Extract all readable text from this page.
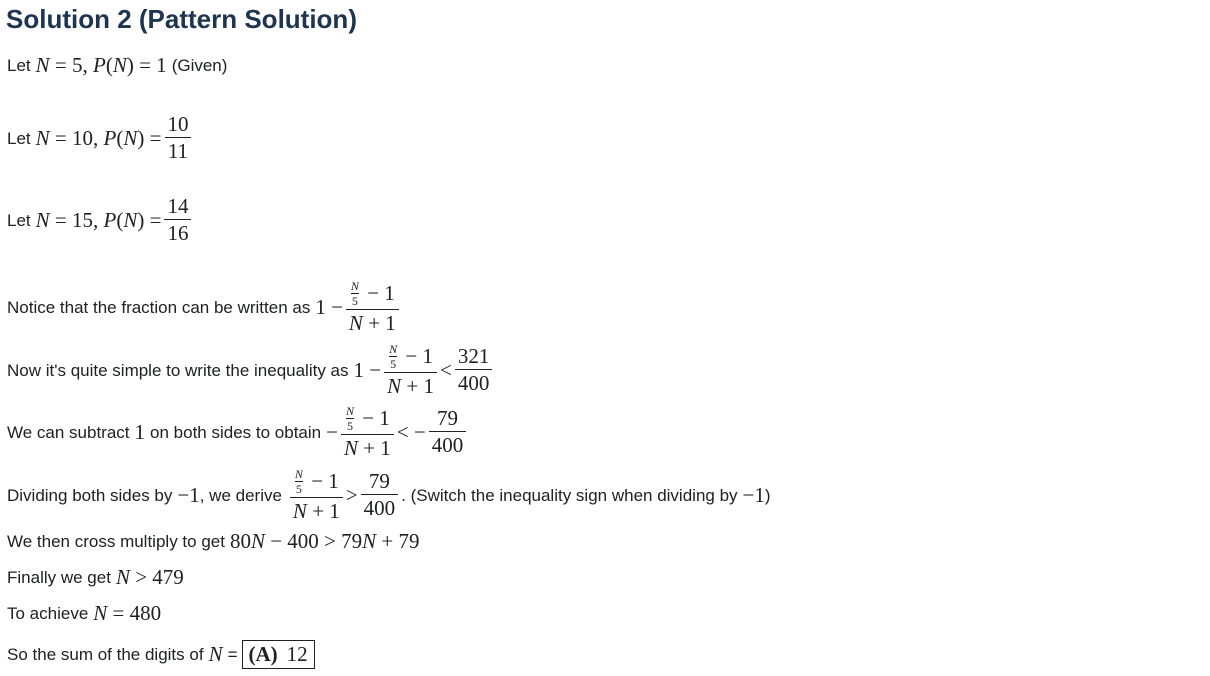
Solution 2 (Pattern Solution)
Let N = 5, P(N) = 1 (Given)
Let N = 10, $P(N) = \frac{10}{11}$
Let N = 15, $P(N) = \frac{14}{16}$
Notice that the fraction can be written as 1 − N
5 − 1
N + 1
Now it's quite simple to write the inequality as 1 − N
5 − 1
$N + 1 < \frac{321}{400}$
We can subtract 1 on both sides to obtain − N
5 − 1
N + 1 < − $\frac{79}{400}$
Dividing both sides by −1 , we derive N
5 − 1
$N + 1 > \frac{79}{400}$ . (Switch the inequality sign when dividing by −1 )
We then cross multiply to get 80N − 400 > 79N + 79
Finally we get N > 479
To achieve N = 480
So the sum of the digits of N = (A) 12
